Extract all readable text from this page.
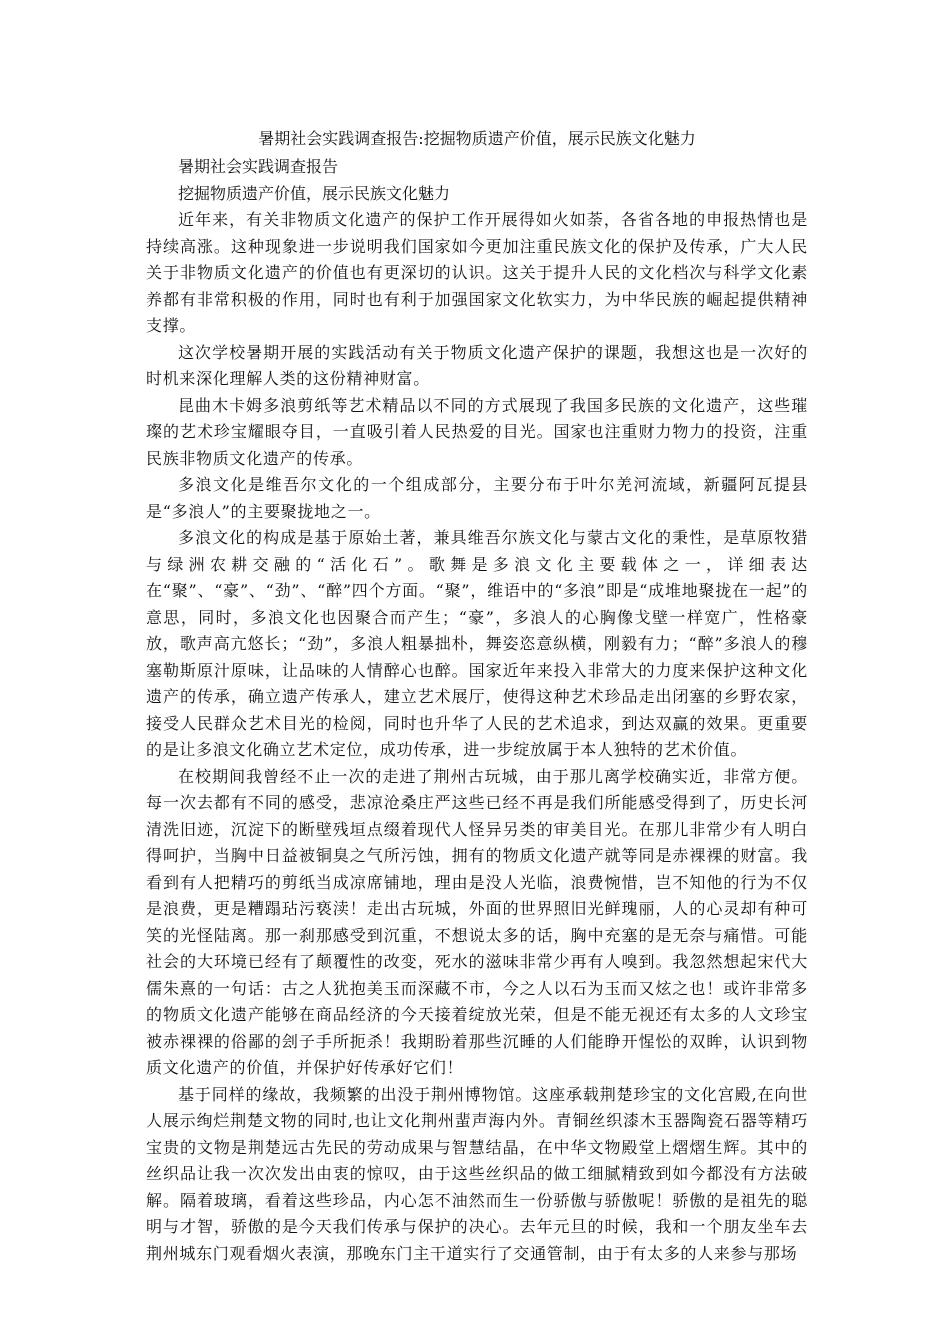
暑期社会实践调查报告:挖掘物质遗产价值，展示民族文化魅力

暑期社会实践调查报告

挖掘物质遗产价值，展示民族文化魅力

近年来，有关非物质文化遗产的保护工作开展得如火如荼，各省各地的申报热情也是持续高涨。这种现象进一步说明我们国家如今更加注重民族文化的保护及传承，广大人民关于非物质文化遗产的价值也有更深切的认识。这关于提升人民的文化档次与科学文化素养都有非常积极的作用，同时也有利于加强国家文化软实力，为中华民族的崛起提供精神支撑。

这次学校暑期开展的实践活动有关于物质文化遗产保护的课题，我想这也是一次好的时机来深化理解人类的这份精神财富。

昆曲木卡姆多浪剪纸等艺术精品以不同的方式展现了我国多民族的文化遗产，这些璀璨的艺术珍宝耀眼夺目，一直吸引着人民热爱的目光。国家也注重财力物力的投资，注重民族非物质文化遗产的传承。

多浪文化是维吾尔文化的一个组成部分，主要分布于叶尔羌河流域，新疆阿瓦提县是“多浪人”的主要聚拢地之一。

多浪文化的构成是基于原始土著，兼具维吾尔族文化与蒙古文化的秉性，是草原牧猎与绿洲农耕交融的“活化石”。歌舞是多浪文化主要载体之一，详细表达在“聚”、“豪”、“劲”、“醉”四个方面。“聚”，维语中的“多浪”即是“成堆地聚拢在一起”的意思，同时，多浪文化也因聚合而产生；“豪”，多浪人的心胸像戈壁一样宽广，性格豪放，歌声高亢悠长；“劲”，多浪人粗暴拙朴，舞姿恣意纵横，刚毅有力；“醉”多浪人的穆塞勒斯原汁原味，让品味的人情醉心也醉。国家近年来投入非常大的力度来保护这种文化遗产的传承，确立遗产传承人，建立艺术展厅，使得这种艺术珍品走出闭塞的乡野农家，接受人民群众艺术目光的检阅，同时也升华了人民的艺术追求，到达双赢的效果。更重要的是让多浪文化确立艺术定位，成功传承，进一步绽放属于本人独特的艺术价值。

在校期间我曾经不止一次的走进了荆州古玩城，由于那儿离学校确实近，非常方便。每一次去都有不同的感受，悲凉沧桑庄严这些已经不再是我们所能感受得到了，历史长河清洗旧迹，沉淀下的断壁残垣点缀着现代人怪异另类的审美目光。在那儿非常少有人明白得呵护，当胸中日益被铜臭之气所污蚀，拥有的物质文化遗产就等同是赤裸裸的财富。我看到有人把精巧的剪纸当成凉席铺地，理由是没人光临，浪费惋惜，岂不知他的行为不仅是浪费，更是糟蹋玷污亵渎！走出古玩城，外面的世界照旧光鲜瑰丽，人的心灵却有种可笑的光怪陆离。那一刹那感受到沉重，不想说太多的话，胸中充塞的是无奈与痛惜。可能社会的大环境已经有了颠覆性的改变，死水的滋味非常少再有人嗅到。我忽然想起宋代大儒朱熹的一句话：古之人犹抱美玉而深藏不市，今之人以石为玉而又炫之也！或许非常多的物质文化遗产能够在商品经济的今天接着绽放光荣，但是不能无视还有太多的人文珍宝被赤裸裸的俗鄙的刽子手所扼杀！我期盼着那些沉睡的人们能睁开惺忪的双眸，认识到物质文化遗产的价值，并保护好传承好它们！

基于同样的缘故，我频繁的出没于荆州博物馆。这座承载荆楚珍宝的文化宫殿,在向世人展示绚烂荆楚文物的同时,也让文化荆州蜚声海内外。青铜丝织漆木玉器陶瓷石器等精巧宝贵的文物是荆楚远古先民的劳动成果与智慧结晶，在中华文物殿堂上熠熠生辉。其中的丝织品让我一次次发出由衷的惊叹，由于这些丝织品的做工细腻精致到如今都没有方法破解。隔着玻璃，看着这些珍品，内心怎不油然而生一份骄傲与骄傲呢！骄傲的是祖先的聪明与才智，骄傲的是今天我们传承与保护的决心。去年元旦的时候，我和一个朋友坐车去荆州城东门观看烟火表演，那晚东门主干道实行了交通管制，由于有太多的人来参与那场
